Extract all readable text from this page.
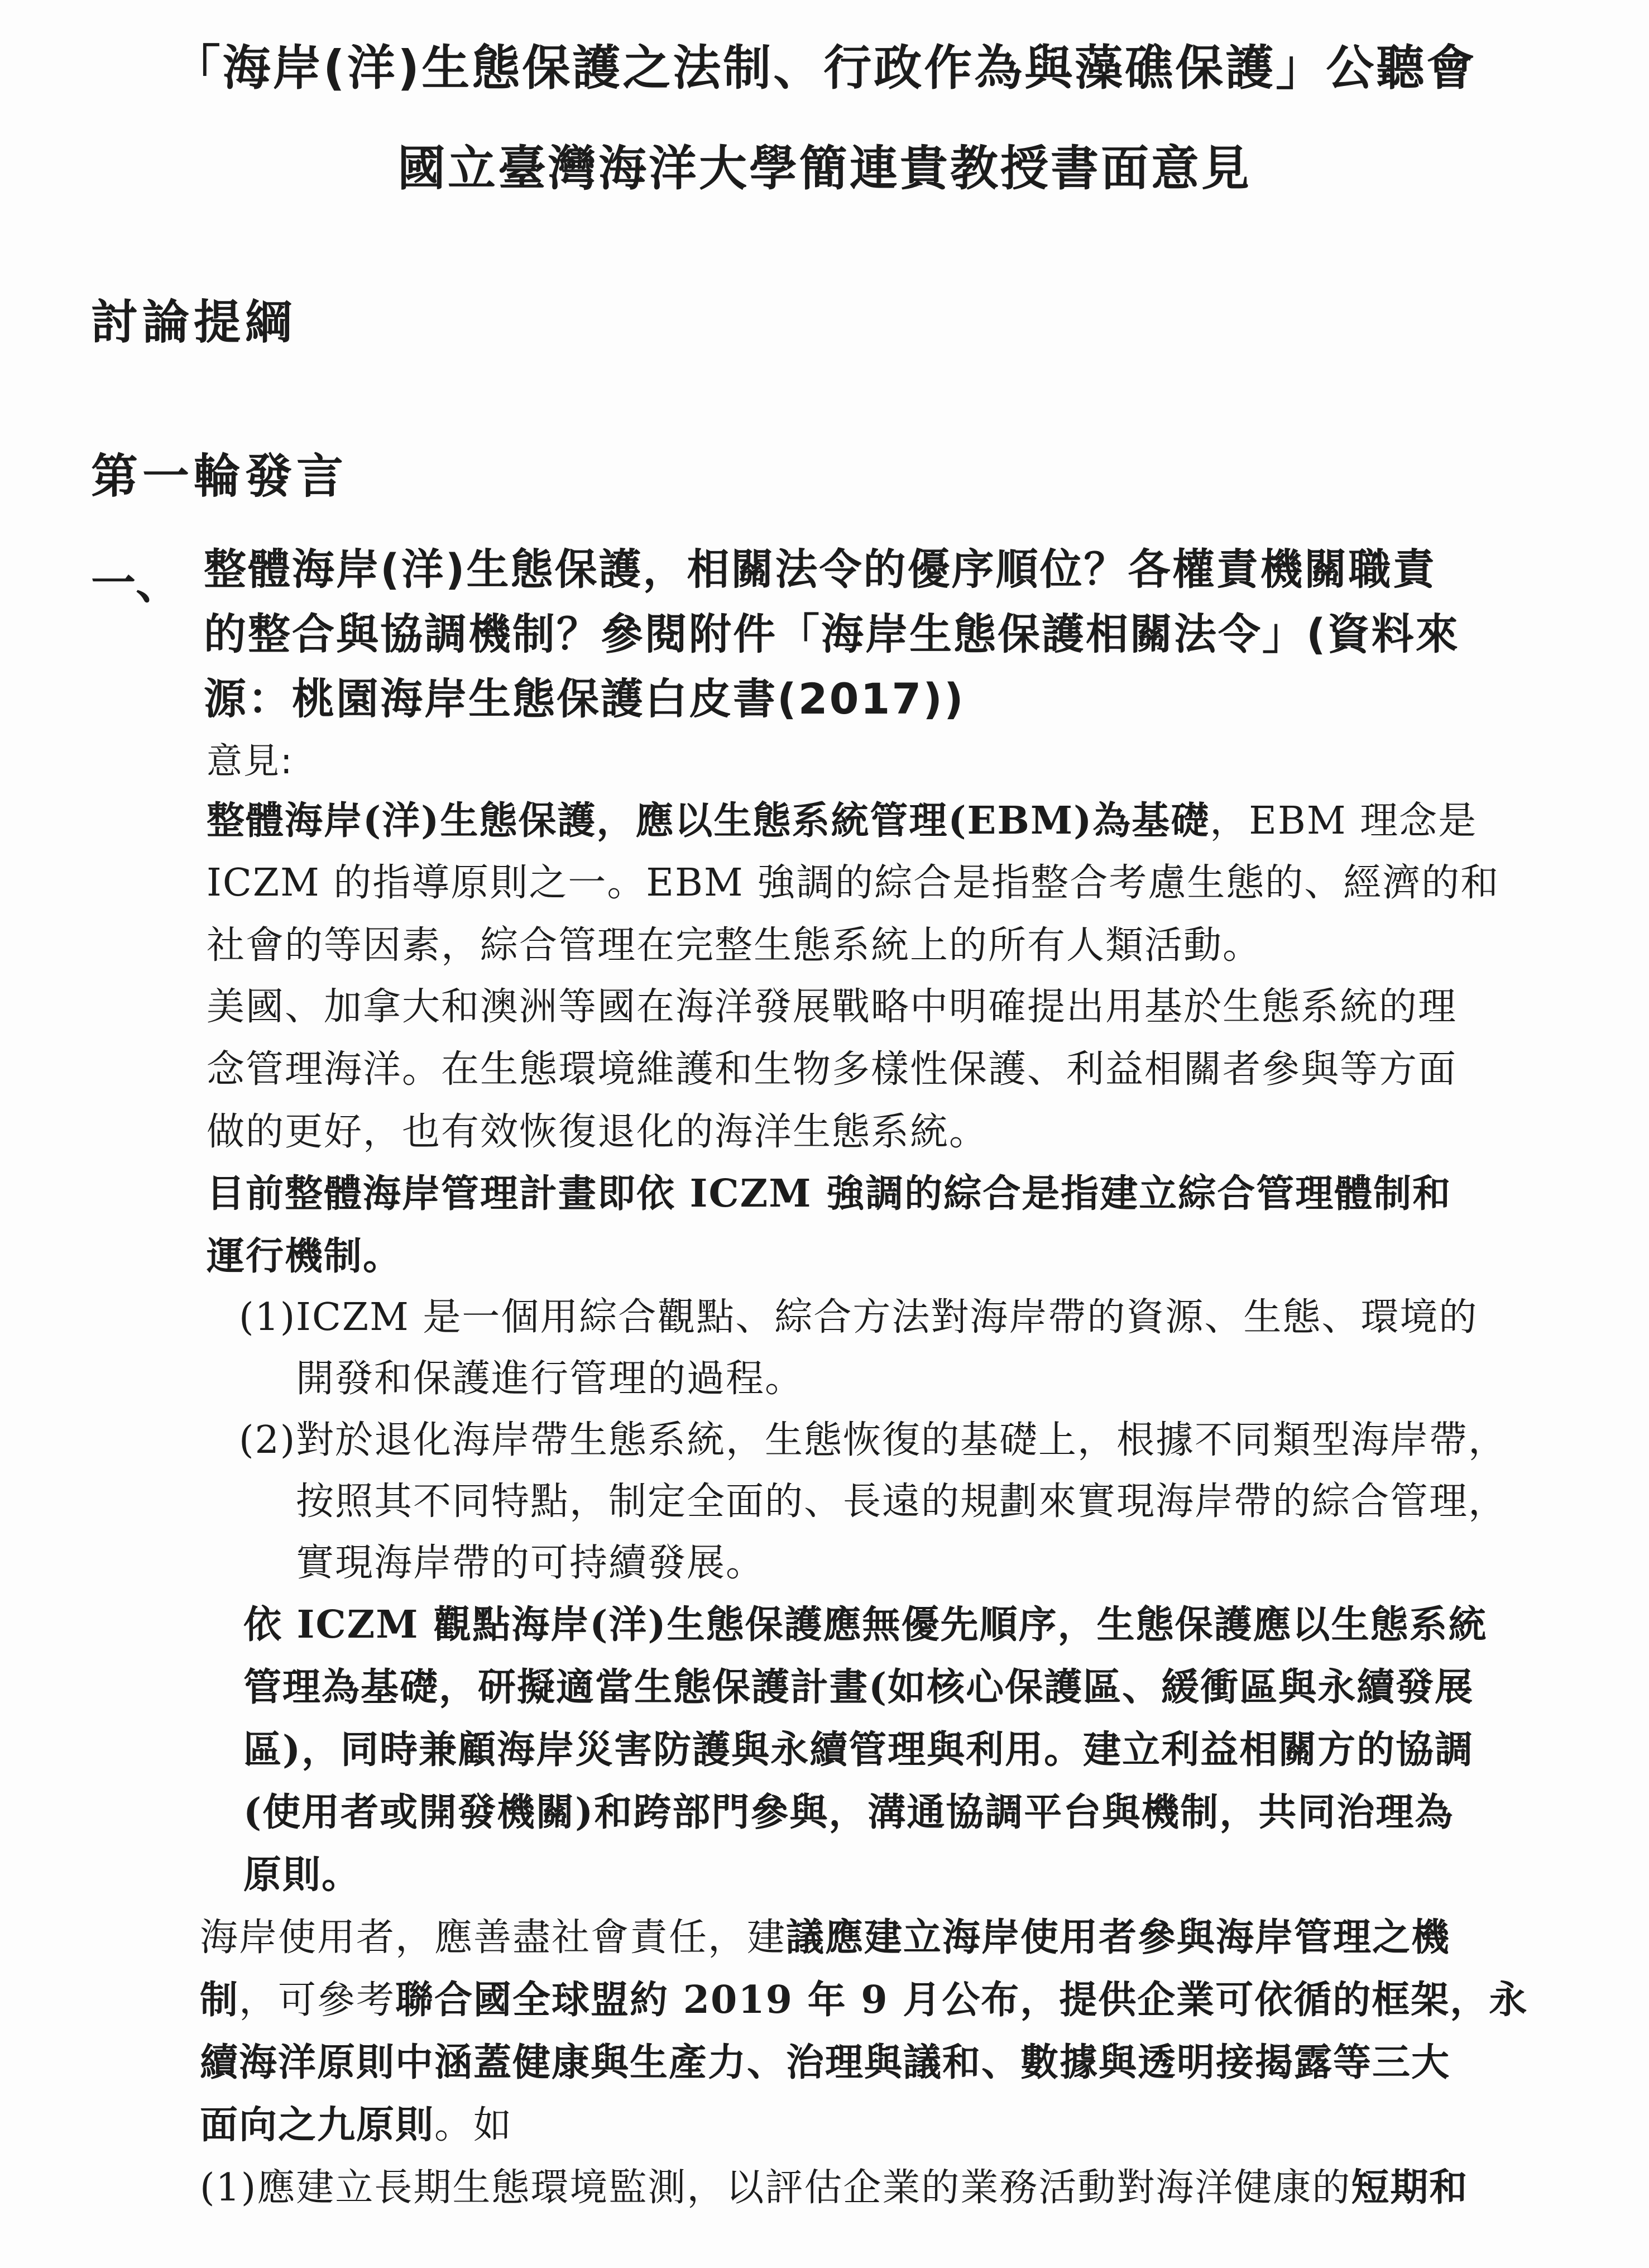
「海岸(洋)生態保護之法制、行政作為與藻礁保護」公聽會
國立臺灣海洋大學簡連貴教授書面意見
討論提綱
第一輪發言
一、 整體海岸(洋)生態保護，相關法令的優序順位？各權責機關職責
的整合與協調機制？參閱附件「海岸生態保護相關法令」(資料來
源：桃園海岸生態保護白皮書(2017))
意見:
整體海岸(洋)生態保護，應以生態系統管理(EBM)為基礎，EBM 理念是
ICZM 的指導原則之一。EBM 強調的綜合是指整合考慮生態的、經濟的和
社會的等因素，綜合管理在完整生態系統上的所有人類活動。
美國、加拿大和澳洲等國在海洋發展戰略中明確提出用基於生態系統的理
念管理海洋。在生態環境維護和生物多樣性保護、利益相關者參與等方面
做的更好，也有效恢復退化的海洋生態系統。
目前整體海岸管理計畫即依 ICZM 強調的綜合是指建立綜合管理體制和
運行機制。
(1) ICZM 是一個用綜合觀點、綜合方法對海岸帶的資源、生態、環境的
開發和保護進行管理的過程。
(2) 對於退化海岸帶生態系統，生態恢復的基礎上，根據不同類型海岸帶，
按照其不同特點，制定全面的、長遠的規劃來實現海岸帶的綜合管理，
實現海岸帶的可持續發展。
依 ICZM 觀點海岸(洋)生態保護應無優先順序，生態保護應以生態系統
管理為基礎，研擬適當生態保護計畫(如核心保護區、緩衝區與永續發展
區)，同時兼顧海岸災害防護與永續管理與利用。建立利益相關方的協調
(使用者或開發機關)和跨部門參與，溝通協調平台與機制，共同治理為
原則。
海岸使用者，應善盡社會責任，建議應建立海岸使用者參與海岸管理之機
制，可參考聯合國全球盟約 2019 年 9 月公布，提供企業可依循的框架，永
續海洋原則中涵蓋健康與生產力、治理與議和、數據與透明接揭露等三大
面向之九原則。如
(1)應建立長期生態環境監測，以評估企業的業務活動對海洋健康的短期和
